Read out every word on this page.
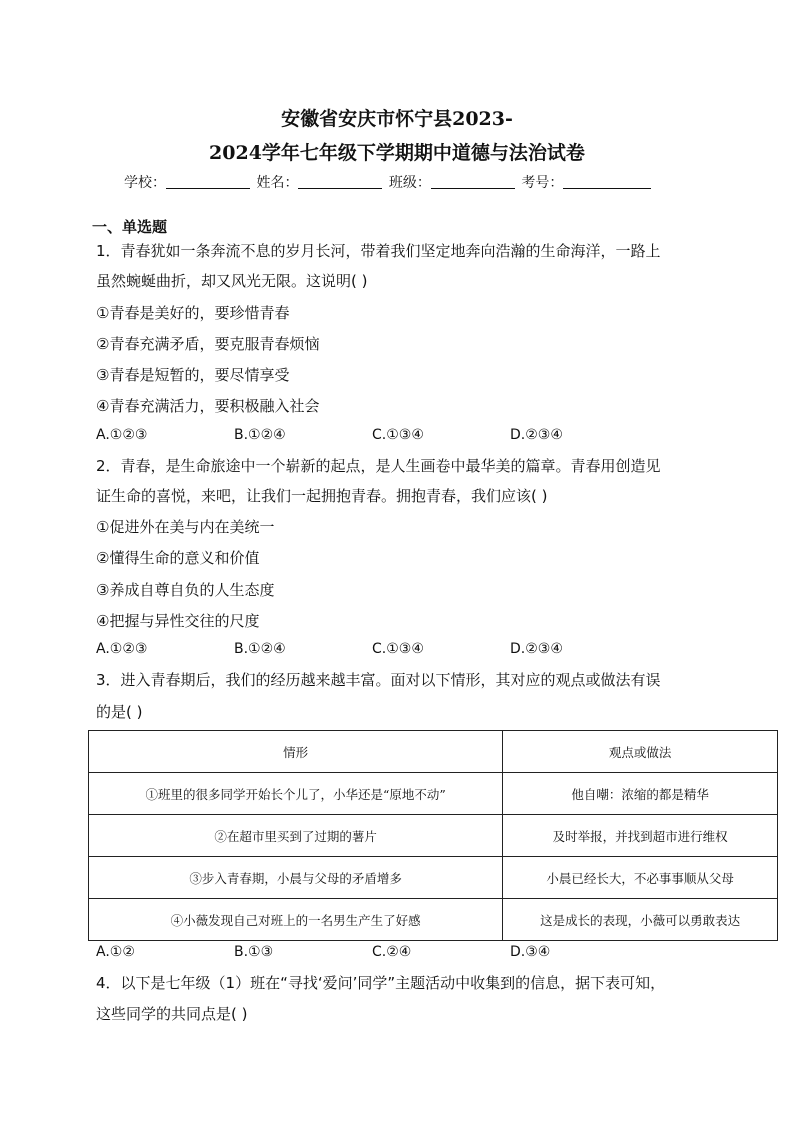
安徽省安庆市怀宁县2023-
2024学年七年级下学期期中道德与法治试卷
学校：	姓名：	班级：	考号：
一、单选题
1．青春犹如一条奔流不息的岁月长河，带着我们坚定地奔向浩瀚的生命海洋，一路上
虽然蜿蜒曲折，却又风光无限。这说明( )
①青春是美好的，要珍惜青春
②青春充满矛盾，要克服青春烦恼
③青春是短暂的，要尽情享受
④青春充满活力，要积极融入社会
A.①②③	B.①②④	C.①③④	D.②③④
2．青春，是生命旅途中一个崭新的起点，是人生画卷中最华美的篇章。青春用创造见
证生命的喜悦，来吧，让我们一起拥抱青春。拥抱青春，我们应该( )
①促进外在美与内在美统一
②懂得生命的意义和价值
③养成自尊自负的人生态度
④把握与异性交往的尺度
A.①②③	B.①②④	C.①③④	D.②③④
3．进入青春期后，我们的经历越来越丰富。面对以下情形，其对应的观点或做法有误
的是( )
情形	观点或做法
①班里的很多同学开始长个儿了，小华还是“原地不动”	他自嘲：浓缩的都是精华
②在超市里买到了过期的薯片	及时举报，并找到超市进行维权
③步入青春期，小晨与父母的矛盾增多	小晨已经长大，不必事事顺从父母
④小薇发现自己对班上的一名男生产生了好感	这是成长的表现，小薇可以勇敢表达
A.①②	B.①③	C.②④	D.③④
4．以下是七年级（1）班在“寻找‘爱问’同学”主题活动中收集到的信息，据下表可知，
这些同学的共同点是( )
